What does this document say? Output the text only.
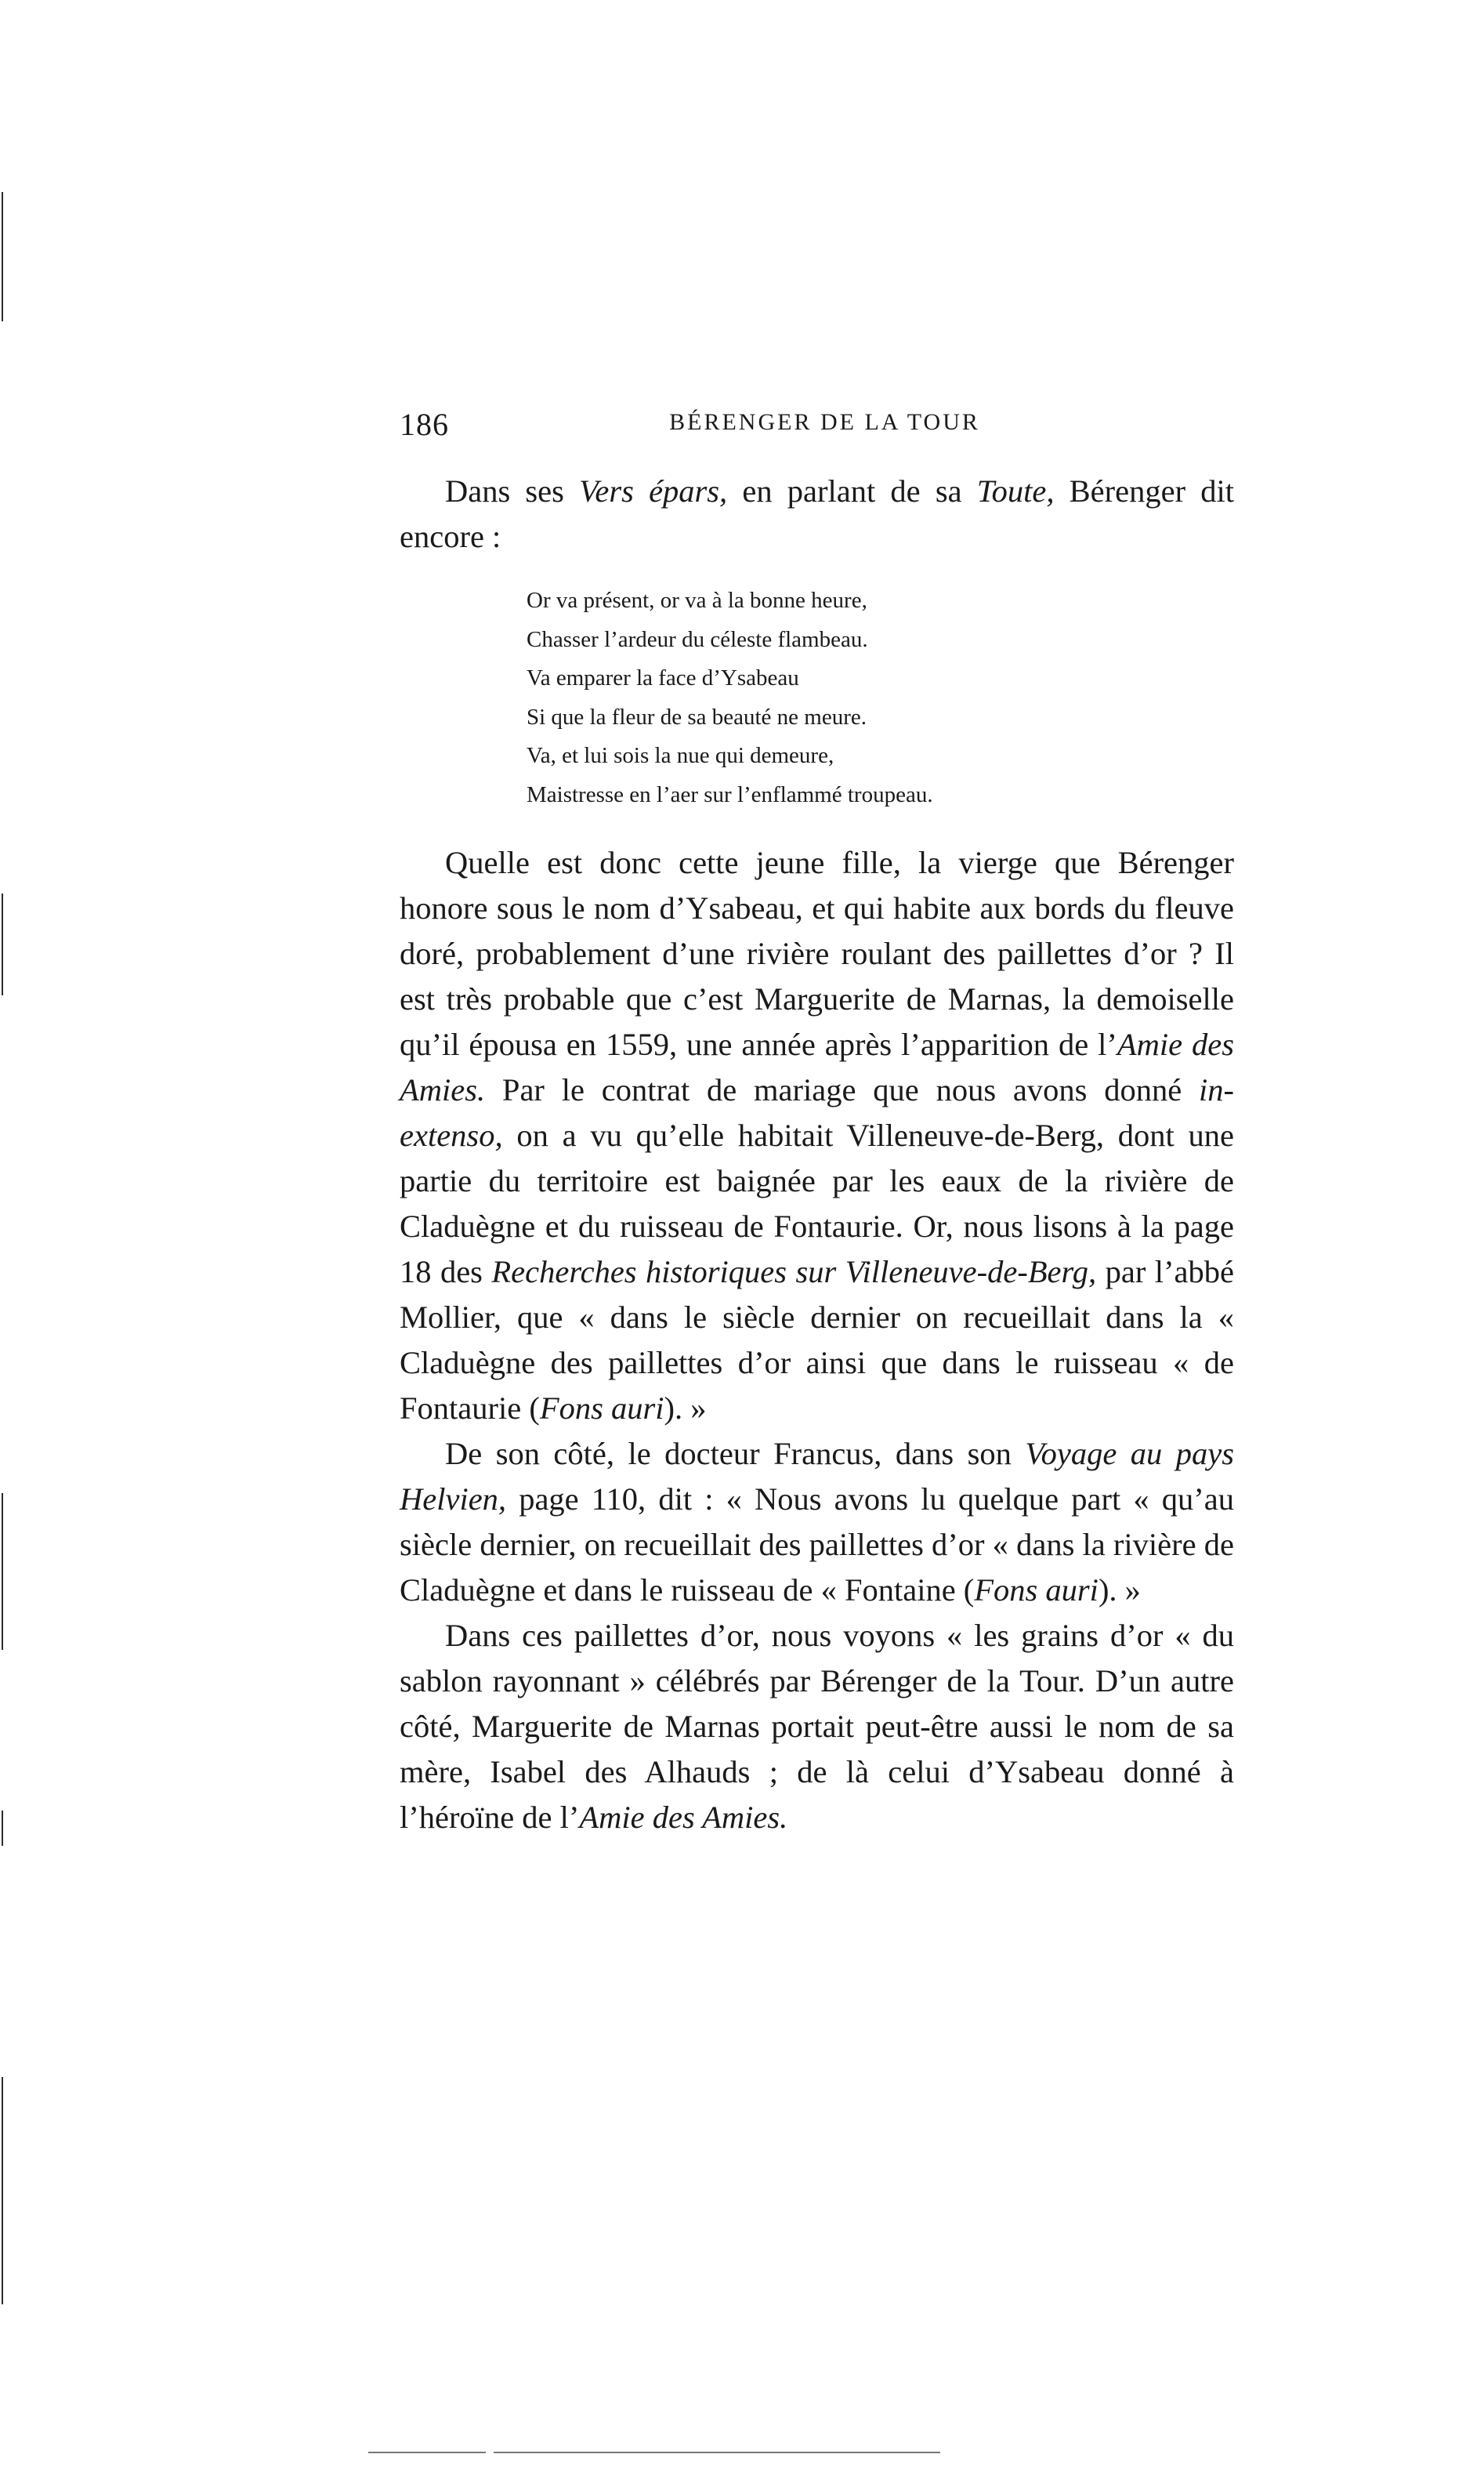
186	BÉRENGER DE LA TOUR

Dans ses Vers épars, en parlant de sa Toute, Bérenger dit encore :

Or va présent, or va à la bonne heure,
Chasser l’ardeur du céleste flambeau.
Va emparer la face d’Ysabeau
Si que la fleur de sa beauté ne meure.
Va, et lui sois la nue qui demeure,
Maistresse en l’aer sur l’enflammé troupeau.

Quelle est donc cette jeune fille, la vierge que Bérenger honore sous le nom d’Ysabeau, et qui habite aux bords du fleuve doré, probablement d’une rivière roulant des paillettes d’or ? Il est très probable que c’est Marguerite de Marnas, la demoiselle qu’il épousa en 1559, une année après l’apparition de l’Amie des Amies. Par le contrat de mariage que nous avons donné in-extenso, on a vu qu’elle habitait Villeneuve-de-Berg, dont une partie du territoire est baignée par les eaux de la rivière de Claduègne et du ruisseau de Fontaurie. Or, nous lisons à la page 18 des Recherches historiques sur Villeneuve-de-Berg, par l’abbé Mollier, que « dans le siècle dernier on recueillait dans la « Claduègne des paillettes d’or ainsi que dans le ruisseau « de Fontaurie (Fons auri). »

De son côté, le docteur Francus, dans son Voyage au pays Helvien, page 110, dit : « Nous avons lu quelque part « qu’au siècle dernier, on recueillait des paillettes d’or « dans la rivière de Claduègne et dans le ruisseau de « Fontaine (Fons auri). »

Dans ces paillettes d’or, nous voyons « les grains d’or « du sablon rayonnant » célébrés par Bérenger de la Tour. D’un autre côté, Marguerite de Marnas portait peut-être aussi le nom de sa mère, Isabel des Alhauds ; de là celui d’Ysabeau donné à l’héroïne de l’Amie des Amies.
